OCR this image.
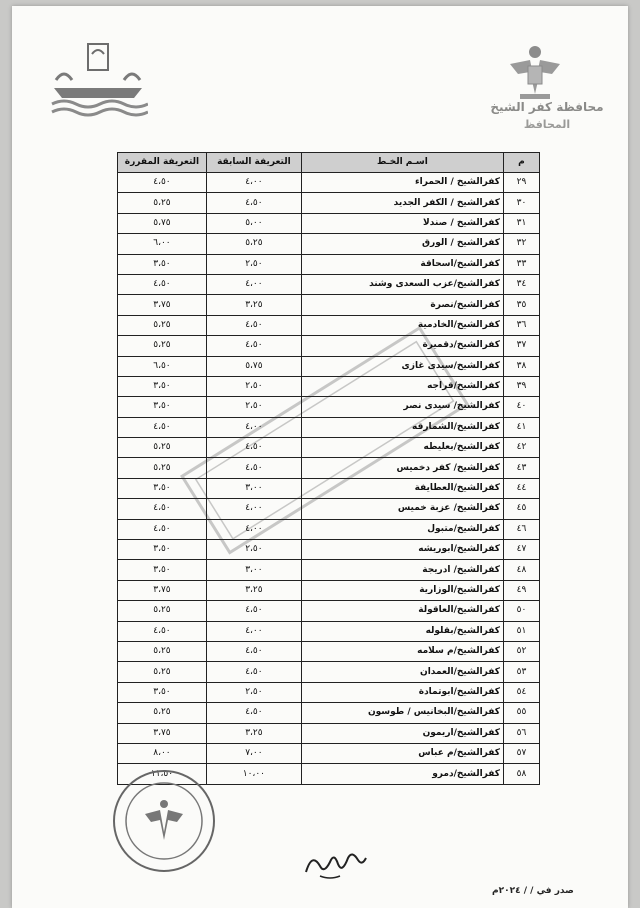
محافظة كفر الشيخ
المحافظ
م	اسـم الخـط	التعريفة السابقة	التعريفة المقررة
٢٩	كفرالشيخ / الحمراء	٤،٠٠	٤،٥٠
٣٠	كفرالشيخ / الكفر الجديد	٤،٥٠	٥،٢٥
٣١	كفرالشيخ / صندلا	٥،٠٠	٥،٧٥
٣٢	كفرالشيخ / الورق	٥،٢٥	٦،٠٠
٣٣	كفرالشيخ/اسحاقة	٢،٥٠	٣،٥٠
٣٤	كفرالشيخ/عزب السعدى وشند	٤،٠٠	٤،٥٠
٣٥	كفرالشيخ/نصرة	٣،٢٥	٣،٧٥
٣٦	كفرالشيخ/الخادمية	٤،٥٠	٥،٢٥
٣٧	كفرالشيخ/دقميرة	٤،٥٠	٥،٢٥
٣٨	كفرالشيخ/سيدى غازى	٥،٧٥	٦،٥٠
٣٩	كفرالشيخ/قراجه	٢،٥٠	٣،٥٠
٤٠	كفرالشيخ/ سيدى نصر	٢،٥٠	٣،٥٠
٤١	كفرالشيخ/الشمارقه	٤،٠٠	٤،٥٠
٤٢	كفرالشيخ/بعليطه	٤،٥٠	٥،٢٥
٤٣	كفرالشيخ/ كفر دخميس	٤،٥٠	٥،٢٥
٤٤	كفرالشيخ/العطايفة	٣،٠٠	٣،٥٠
٤٥	كفرالشيخ/ عزبة خميس	٤،٠٠	٤،٥٠
٤٦	كفرالشيخ/متبول	٤،٠٠	٤،٥٠
٤٧	كفرالشيخ/ابوريشه	٢،٥٠	٣،٥٠
٤٨	كفرالشيخ/ ادريجة	٣،٠٠	٣،٥٠
٤٩	كفرالشيخ/الوزارية	٣،٢٥	٣،٧٥
٥٠	كفرالشيخ/العاقولة	٤،٥٠	٥،٢٥
٥١	كفرالشيخ/بقلوله	٤،٠٠	٤،٥٠
٥٢	كفرالشيخ/م سلامه	٤،٥٠	٥،٢٥
٥٣	كفرالشيخ/العمدان	٤،٥٠	٥،٢٥
٥٤	كفرالشيخ/ابوتمادة	٢،٥٠	٣،٥٠
٥٥	كفرالشيخ/البخانيس / طوسون	٤،٥٠	٥،٢٥
٥٦	كفرالشيخ/اريمون	٣،٢٥	٣،٧٥
٥٧	كفرالشيخ/م عباس	٧،٠٠	٨،٠٠
٥٨	كفرالشيخ/دمرو	١٠،٠٠	١١،٥٠
صدر في / / ٢٠٢٤م
